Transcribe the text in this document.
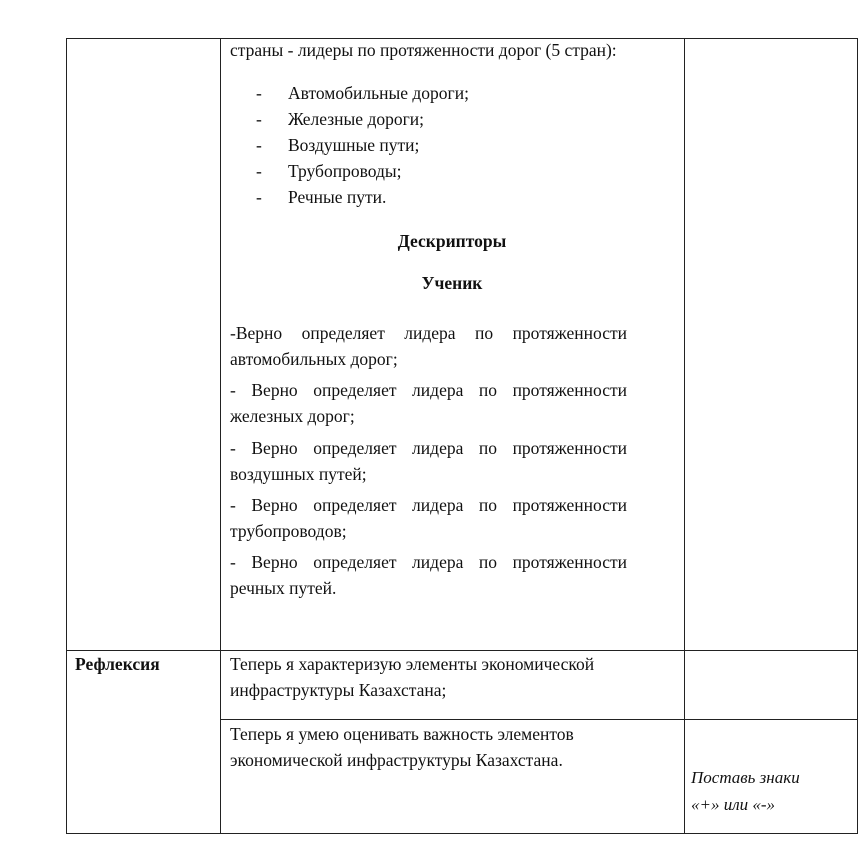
страны - лидеры по протяженности дорог (5 стран):
- Автомобильные дороги;
- Железные дороги;
- Воздушные пути;
- Трубопроводы;
- Речные пути.
Дескрипторы
Ученик
-Верно определяет лидера по протяженности
автомобильных дорог;
- Верно определяет лидера по протяженности
железных дорог;
- Верно определяет лидера по протяженности
воздушных путей;
- Верно определяет лидера по протяженности
трубопроводов;
- Верно определяет лидера по протяженности
речных путей.
Рефлексия	Теперь я характеризую элементы экономической
инфраструктуры Казахстана;
Теперь я умею оценивать важность элементов
экономической инфраструктуры Казахстана.
Поставь знаки
«+» или «-»
